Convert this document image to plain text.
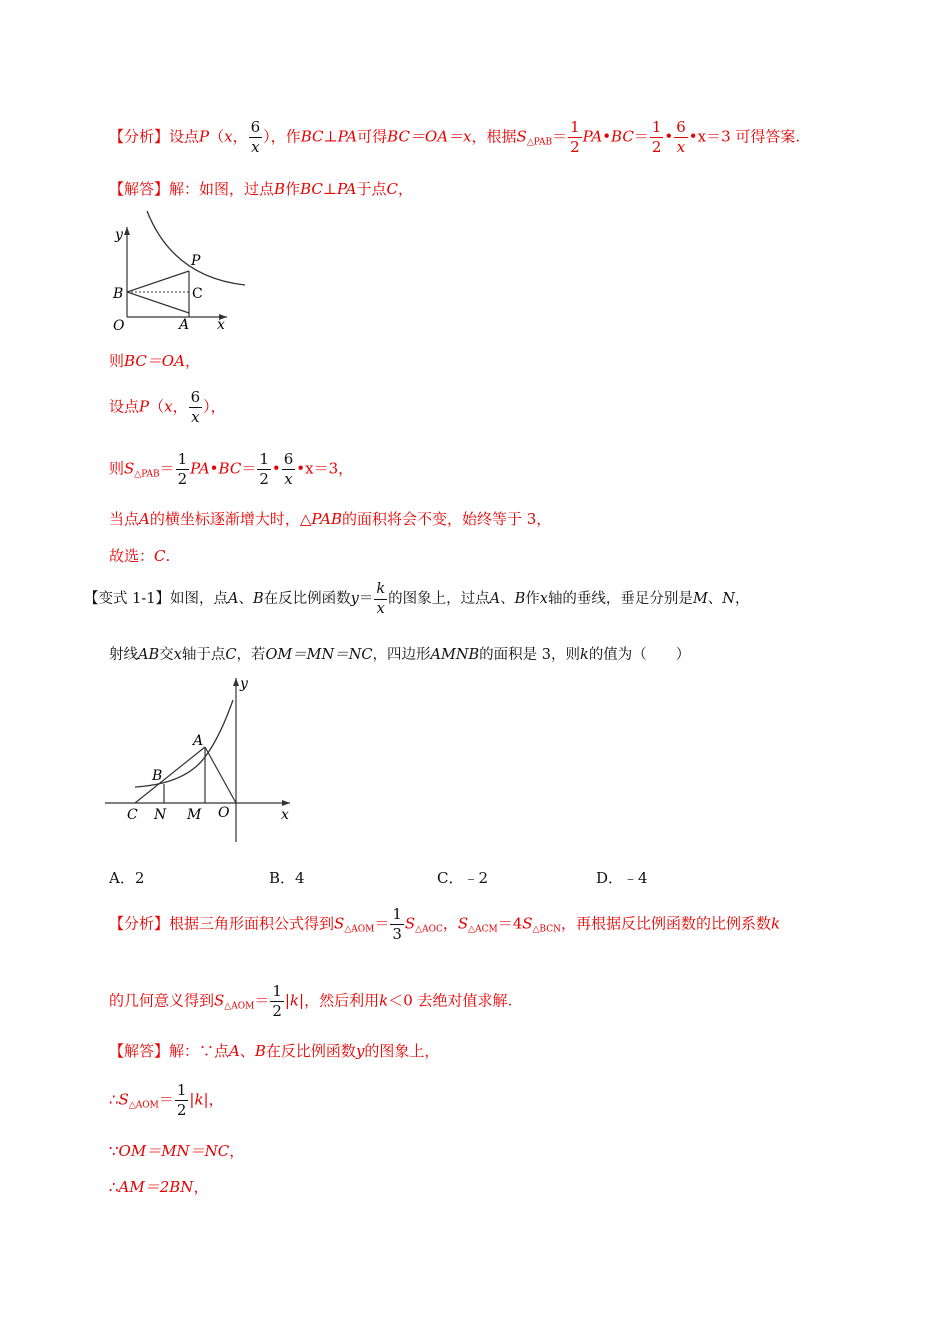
【分析】设点P（x， $\frac{6}{x}$ ），作BC⊥PA可得BC＝OA＝x，根据$S_{\triangle PAB}= \frac{1}{2}$ PA•BC＝ $\frac{1}{2}$ • $\frac{6}{x}$ •x＝3 可得答案.
【解答】解：如图，过点B作BC⊥PA于点C，
y
P
B	C
O	A x
则BC＝OA，
设点P（x， $\frac{6}{x}$ ），
则$S_{\triangle PAB}= \frac{1}{2}$ PA•BC＝ $\frac{1}{2}$ • $\frac{6}{x}$ •x＝3，
当点A的横坐标逐渐增大时，△PAB的面积将会不变，始终等于 3，
故选：C.
【变式 1-1】如图，点A、B在反比例函数$y= \frac{k}{x}$ 的图象上，过点A、B作x轴的垂线，垂足分别是M、N，
射线AB交x轴于点C，若OM＝MN＝NC，四边形AMNB的面积是 3，则k的值为（　　）
y
A
B
C N M O	x
A．2	B．4	C．﹣2	D．﹣4
【分析】根据三角形面积公式得到$S_{\triangle AOM}= \frac{1}{3} S_{\triangle AOC}$，$S_{\triangle ACM}=4S_{\triangle BCN}$，再根据反比例函数的比例系数k
的几何意义得到$S_{\triangle AOM}= \frac{1}{2} |k|$，然后利用k＜0 去绝对值求解.
【解答】解：∵点A、B在反比例函数y的图象上，
$\therefore S_{\triangle AOM}= \frac{1}{2} |k|$，
∵OM＝MN＝NC，
∴AM＝2BN，
